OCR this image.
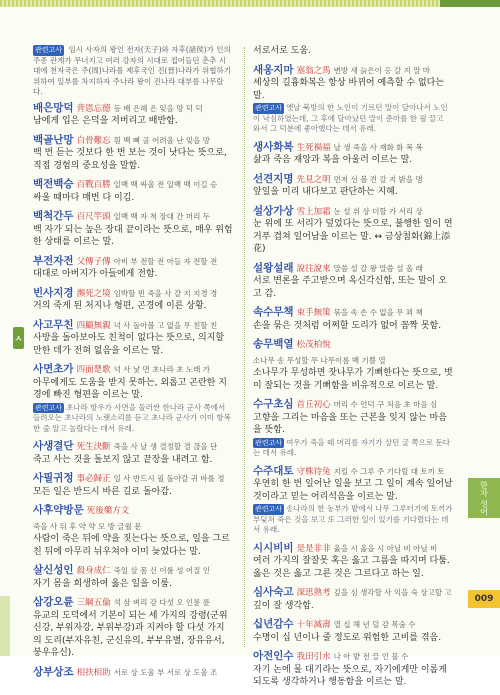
관련고사 임시 사자의 왕인 전자(天子)와 자후(諸侯)가 인의 주종 관계가 무너지고 여러 강자의 시대로 접어들던 춘추 시대에 천자국은 주(周)나라를 제후국인 진(晉)나라가 위협하기 위하여 일부를 차지하자 주나라 왕이 진나라 대부를 나무랐다.
배은망덕 背恩忘德 등 배 은혜 은 잊을 망 덕 덕
남에게 입은 은덕을 저버리고 배반함.
백골난망 白骨難忘 흰 백 뼈 골 어려울 난 잊을 망
백 번 듣는 것보다 한 번 보는 것이 낫다는 뜻으로, 직접 경험의 중요성을 말함.
백전백승 百戰百勝 일백 백 싸울 전 일백 백 이길 승
싸울 때마다 매번 다 이김.
백척간두 百尺竿頭 일백 백 자 척 장대 간 머리 두
백 자가 되는 높은 장대 끝이라는 뜻으로, 매우 위험한 상태를 이르는 말.
부전자전 父傳子傳 아비 부 전할 전 아들 자 전할 전
대대로 아버지가 아들에게 전함.
빈사지경 瀕死之境 임박할 빈 죽을 사 갈 지 지경 경
거의 죽게 된 처지나 형편, 곤경에 이른 상황.
사고무친 四顧無親 넉 사 돌아볼 고 없을 무 친할 친
사방을 돌아보아도 친척이 없다는 뜻으로, 의지할 만한 데가 전혀 없음을 이르는 말.
사면초가 四面楚歌 넉 사 낯 면 초나라 초 노래 가
아무에게도 도움을 받지 못하는, 외롭고 곤란한 지경에 빠진 형편을 이르는 말.
관련고사 초나라 항우가 사면을 둘러싼 한나라 군사 쪽에서 들려오는 초나라의 노랫소리를 듣고 초나라 군사가 이미 항복한 줄 알고 놀랐다는 데서 유래.
사생결단 死生決斷 죽을 사 날 생 결정할 결 끊을 단
죽고 사는 것을 돌보지 않고 끝장을 내려고 함.
사필귀정 事必歸正 일 사 반드시 필 돌아갈 귀 바를 정
모든 일은 반드시 바른 길로 돌아감.
사후약방문 死後藥方文
죽을 사 뒤 후 약 약 모 방 글월 문
사람이 죽은 뒤에 약을 짓는다는 뜻으로, 일을 그르친 뒤에 아무리 뉘우쳐야 이미 늦었다는 말.
살신성인 殺身成仁 죽일 살 몸 신 이룰 성 어질 인
자기 몸을 희생하여 옳은 일을 이룸.
삼강오륜 三綱五倫 석 삼 벼리 강 다섯 오 인륜 륜
유교의 도덕에서 기본이 되는 세 가지의 강령(군위신강, 부위자강, 부위부강)과 지켜야 할 다섯 가지의 도리(부자유친, 군신유의, 부부유별, 장유유서, 붕우유신).
상부상조 相扶相助 서로 상 도울 부 서로 상 도울 조
서로서로 도움.
새옹지마 塞翁之馬 변방 새 늙은이 옹 갈 지 말 마
세상의 길흉화복은 항상 바뀌어 예측할 수 없다는 말.
관련고사 옛날 북방의 한 노인이 기르던 말이 달아나서 노인이 낙심하였는데, 그 후에 달아났던 말이 준마를 한 필 끌고 와서 그 덕분에 좋아했다는 데서 유래.
생사화복 生死禍福 날 생 죽을 사 재화 화 복 복
삶과 죽음 재앙과 복을 아울러 이르는 말.
선견지명 先見之明 먼저 선 볼 견 갈 지 밝을 명
앞일을 미리 내다보고 판단하는 지혜.
설상가상 雪上加霜 눈 설 위 상 더할 가 서리 상
눈 위에 또 서리가 덮었다는 뜻으로, 불행한 일이 연거푸 겹쳐 일어남을 이르는 말. ↔ 금상첨화(錦上添花)
설왕설래 說往說來 말씀 설 갈 왕 말씀 설 올 래
서로 변론을 주고받으며 옥신각신함, 또는 말이 오고 감.
속수무책 束手無策 묶을 속 손 수 없을 무 꾀 책
손을 묶은 것처럼 어쩌할 도리가 없어 꼼짝 못함.
송무백열 松茂柏悅
소나무 송 무성할 무 나무이름 백 기쁠 열
소나무가 무성하면 잣나무가 기뻐한다는 뜻으로, 벗이 잘되는 것을 기뻐함을 비유적으로 이르는 말.
수구초심 首丘初心 머리 수 언덕 구 처음 초 마음 심
고향을 그리는 마음을 또는 근본을 잊지 않는 마음을 뜻함.
관련고사 여우가 죽을 때 머리를 자기가 살던 굴 쪽으로 둔다는 데서 유래.
수주대토 守株待兔 지킬 수 그루 주 기다릴 대 토끼 토
우연히 한 번 일어난 일을 보고 그 일이 계속 일어날 것이라고 믿는 어리석음을 이르는 말.
관련고사 송나라의 한 농부가 밭에서 나무 그루터기에 토끼가 부딪쳐 죽은 것을 보고 또 그러한 일이 있기를 기다렸다는 데서 유래.
시시비비 是是非非 옳을 시 옳을 시 아닐 비 아닐 비
여러 가지의 잘잘못 혹은 옳고 그름을 따지며 다툼. 옳은 것은 옳고 그른 것은 그르다고 하는 일.
심사숙고 深思熟考 깊을 심 생각할 사 익을 숙 상고할 고
깊이 잘 생각함.
십년감수 十年減壽 열 십 해 년 덜 감 목숨 수
수명이 십 년이나 줄 정도로 위험한 고비를 겪음.
아전인수 我田引水 나 아 밭 전 끌 인 물 수
자기 논에 물 대기라는 뜻으로, 자기에게만 이롭게 되도록 생각하거나 행동함을 이르는 말.
ㅅ
한자 성어
009
